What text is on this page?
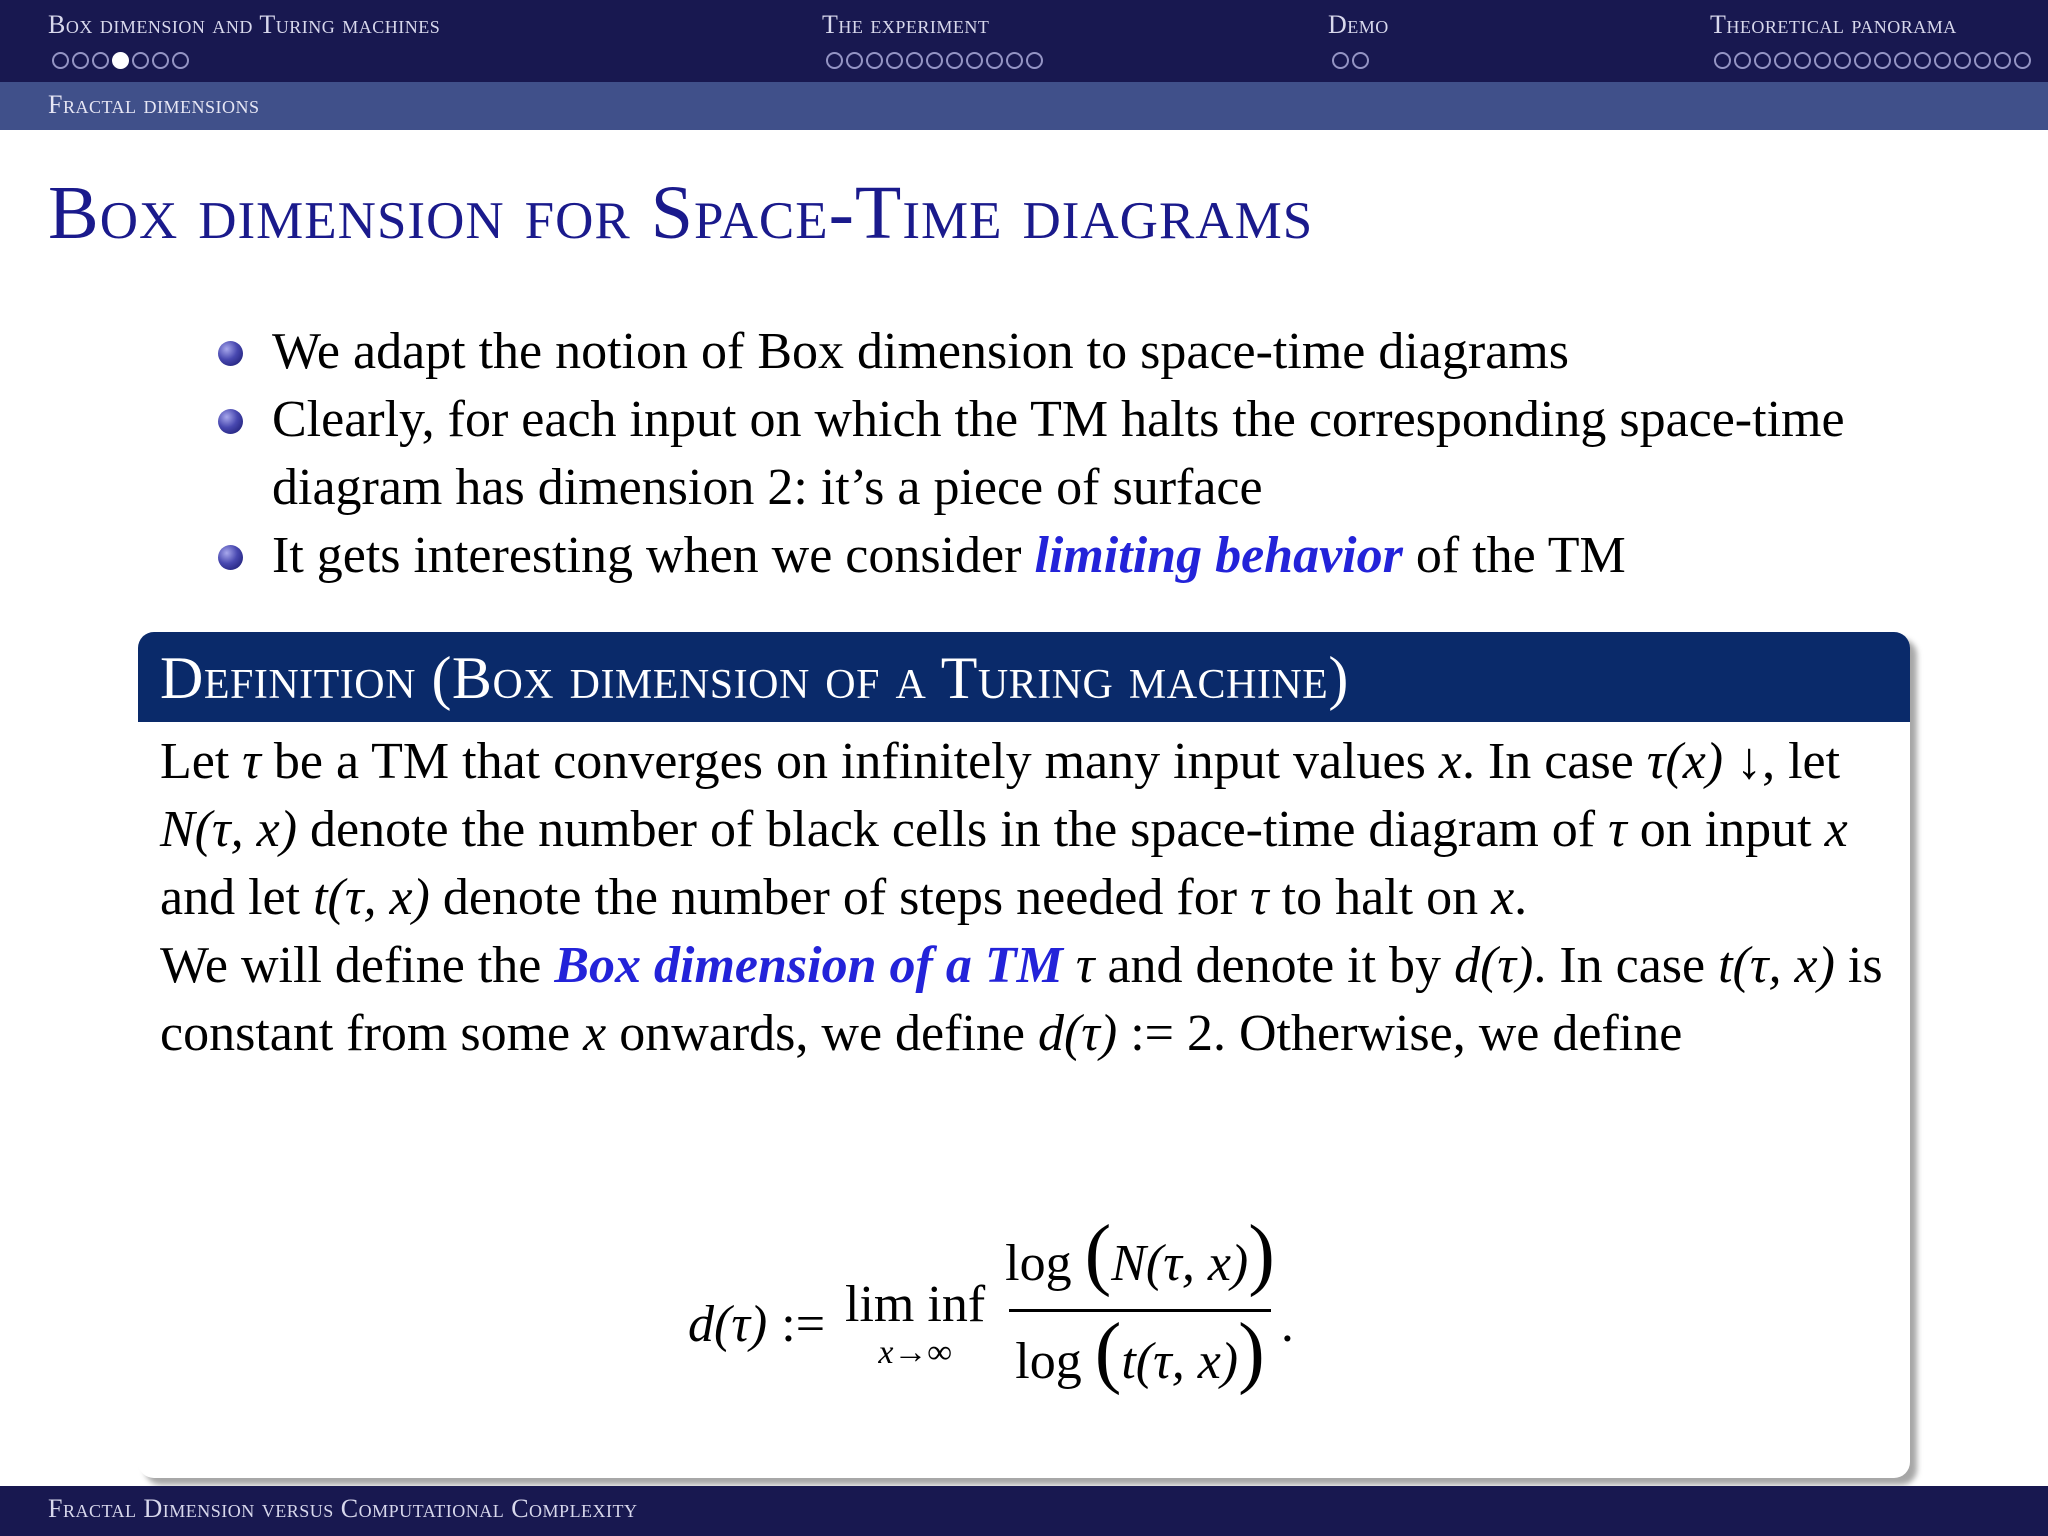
Box dimension and Turing machines	The experiment	Demo	Theoretical panorama
Fractal dimensions
Box dimension for Space-Time diagrams
We adapt the notion of Box dimension to space-time diagrams
Clearly, for each input on which the TM halts the corresponding space-time diagram has dimension 2: it’s a piece of surface
It gets interesting when we consider limiting behavior of the TM
Definition (Box dimension of a Turing machine)

Let τ be a TM that converges on infinitely many input values x. In case τ(x) ↓, let N(τ, x) denote the number of black cells in the space-time diagram of τ on input x and let t(τ, x) denote the number of steps needed for τ to halt on x.

We will define the Box dimension of a TM τ and denote it by d(τ). In case t(τ, x) is constant from some x onwards, we define d(τ) := 2. Otherwise, we define

d(τ) := lim inf
$x\to\infty \frac{\log (N(\tau, x))}{\log (t(\tau, x))}$ .
Fractal Dimension versus Computational Complexity
